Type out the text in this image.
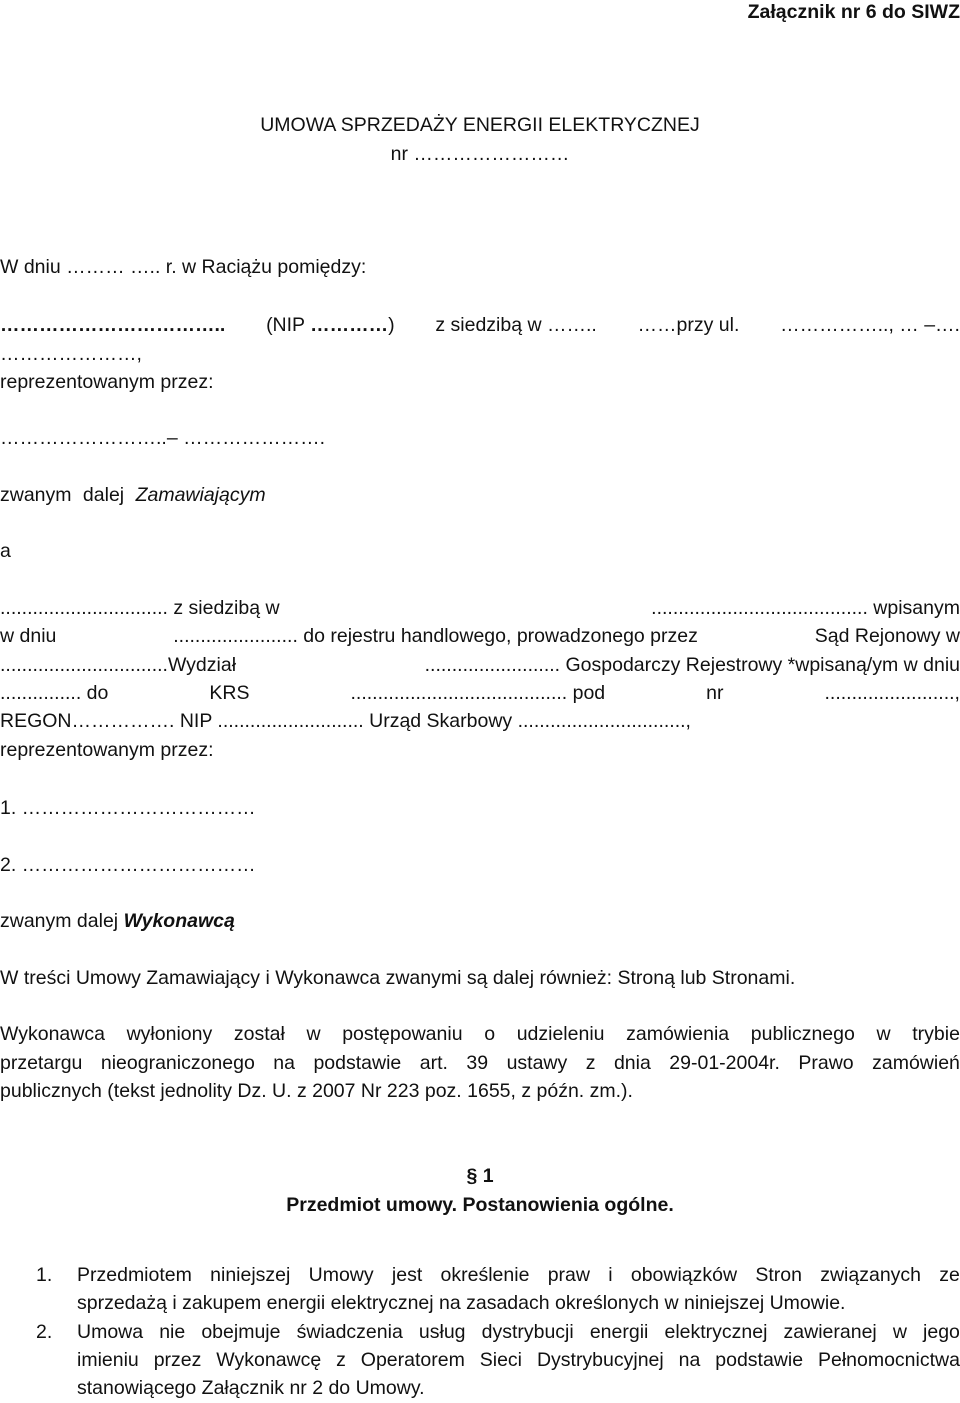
Załącznik nr 6 do SIWZ
UMOWA SPRZEDAŻY ENERGII ELEKTRYCZNEJ
nr ……………………
W dniu ……… ….. r. w Raciążu pomiędzy:
…………………………….. (NIP …………) z siedzibą w …….. ……przy ul. …………….., … –….
…………………,
reprezentowanym przez:
……………………..– ………………….
zwanym dalej Zamawiającym
a
............................... z siedzibą w	........................................ wpisanym
w dniu	....................... do rejestru handlowego, prowadzonego przez	Sąd Rejonowy w
...............................Wydział	......................... Gospodarczy Rejestrowy *wpisaną/ym w dniu
............... do	KRS	........................................ pod	nr	........................,
REGON……………. NIP ........................... Urząd Skarbowy ...............................,
reprezentowanym przez:
1. ………………………………
2. ………………………………
zwanym dalej Wykonawcą
W treści Umowy Zamawiający i Wykonawca zwanymi są dalej również: Stroną lub Stronami.
Wykonawca wyłoniony został w postępowaniu o udzieleniu zamówienia publicznego w trybie
przetargu nieograniczonego na podstawie art. 39 ustawy z dnia 29-01-2004r. Prawo zamówień
publicznych (tekst jednolity Dz. U. z 2007 Nr 223 poz. 1655, z późn. zm.).
§ 1
Przedmiot umowy. Postanowienia ogólne.
1. Przedmiotem niniejszej Umowy jest określenie praw i obowiązków Stron związanych ze
sprzedażą i zakupem energii elektrycznej na zasadach określonych w niniejszej Umowie.
2. Umowa nie obejmuje świadczenia usług dystrybucji energii elektrycznej zawieranej w jego
imieniu przez Wykonawcę z Operatorem Sieci Dystrybucyjnej na podstawie Pełnomocnictwa
stanowiącego Załącznik nr 2 do Umowy.
